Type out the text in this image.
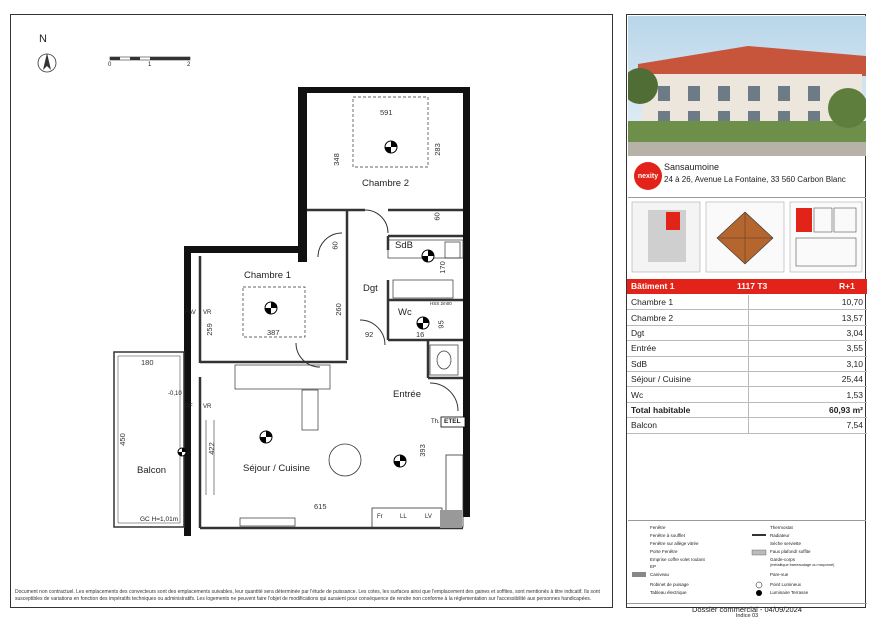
N
0	1	2
Chambre 2
Chambre 1
SdB
Dgt
Wc
Entrée
Séjour / Cuisine
Balcon
591
348
283
60
60
170
387
259
260
92	16
95
180
450
422	393
615
-0,10
FAV VR
PF VR
Fr	LL	LV
Th. ETEL
HSS 2m00
GC H=1,01m
Document non contractuel. Les emplacements des convecteurs sont des emplacements suivables, leur quantité sera déterminée par l'étude de puissance. Les cotes, les surfaces ainsi que l'emplacement des gaines et soffites, sont mentionés à titre indicatif. Ils sont susceptibles de variations en fonction des impératifs techniques ou administratifs. Les logements ne peuvent faire l'objet de modifications qui auraient pour conséquence de rendre non conforme à la réglementation sur l'accessibilité aux personnes handicapées.
nexity
Sansaumoine
24 à 26, Avenue La Fontaine, 33 560 Carbon Blanc
Bâtiment 1	1117 T3	R+1
Chambre 1	10,70
Chambre 2	13,57
Dgt	3,04
Entrée	3,55
SdB	3,10
Séjour / Cuisine	25,44
Wc	1,53
Total habitable	60,93 m²
Balcon	7,54
Fenêtre
Fenêtre à soufflet
Fenêtre sur allège vitrée
Porte Fenêtre
Emprise coffre volet roulant
EP
Caniveau
Robinet de puisage
Tableau électrique
Thermostat
Radiateur
Sèche serviette
Faux plafond/ soffite
Garde-corps
(métallique barreaudage ou maçonné)
Pare-vue
Point Lumineux
Luminaire Terrasse
Dossier commercial - 04/09/2024
Indice 03
